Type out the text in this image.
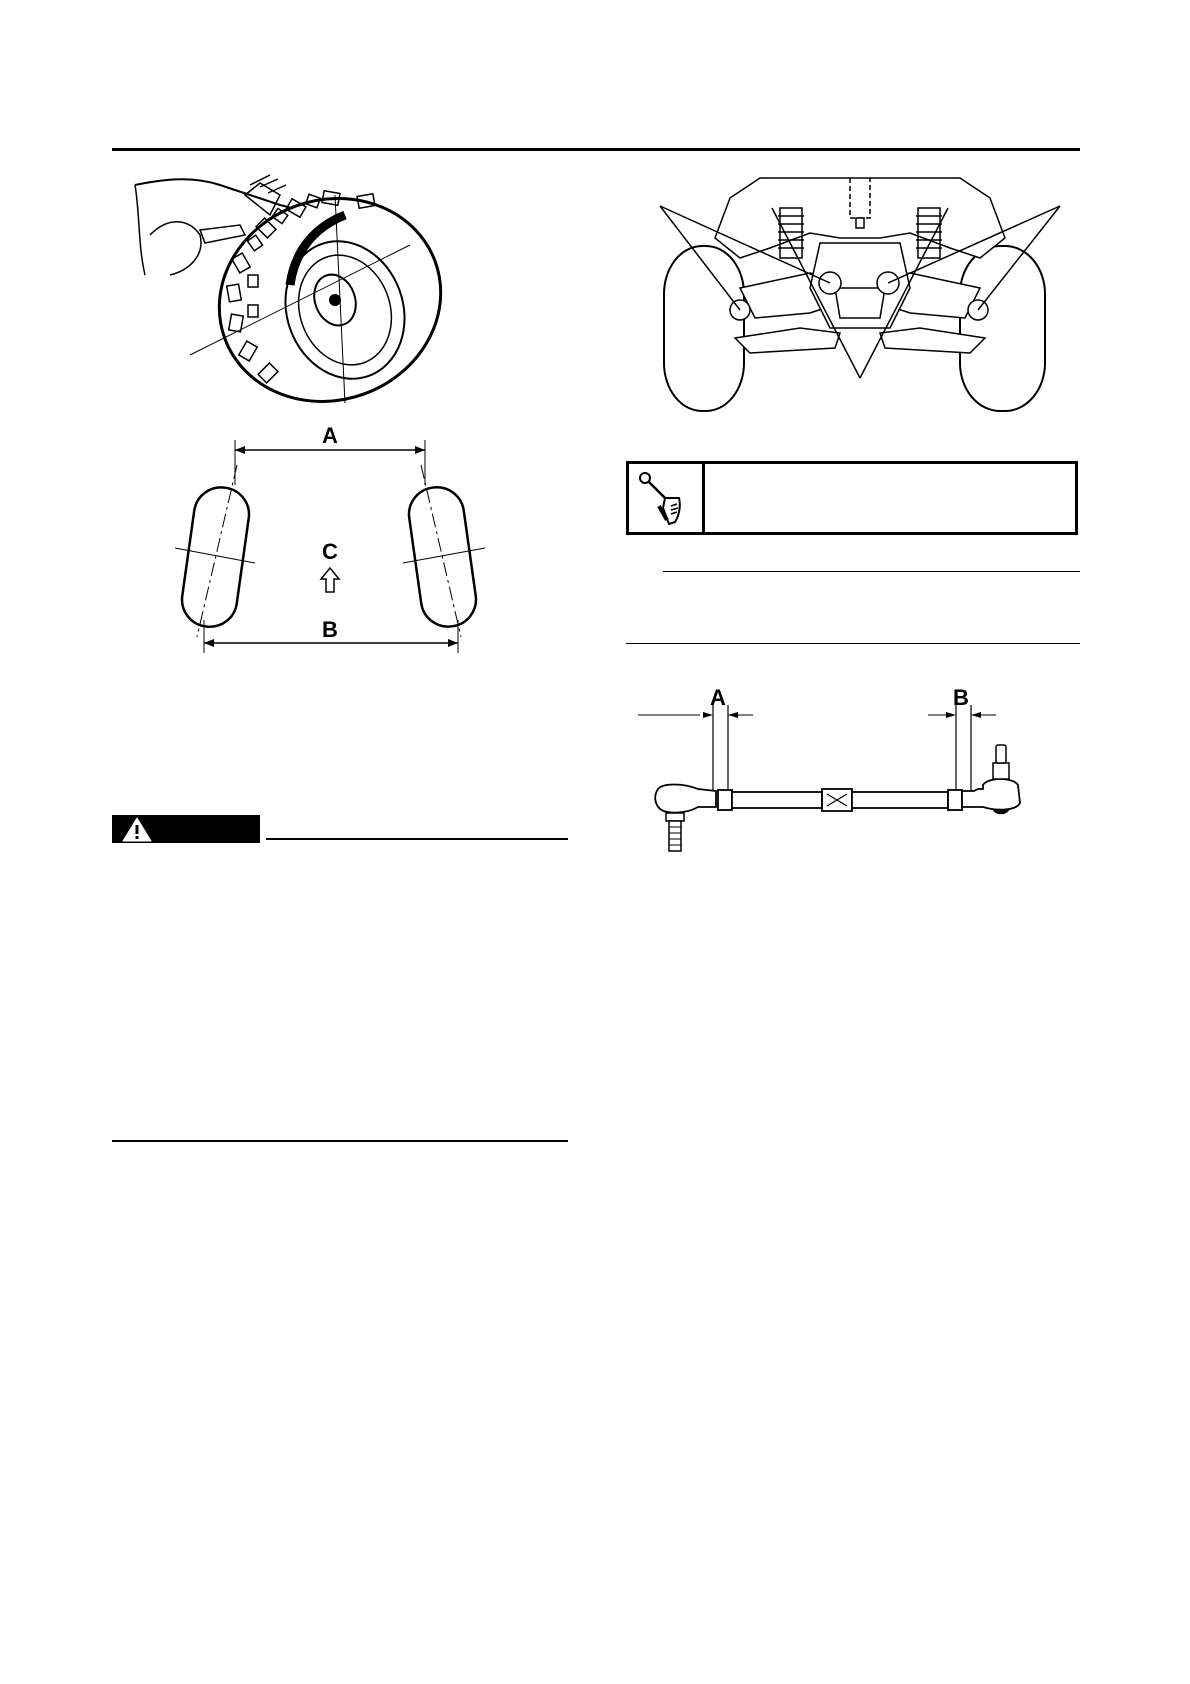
A
C
B
A	B
